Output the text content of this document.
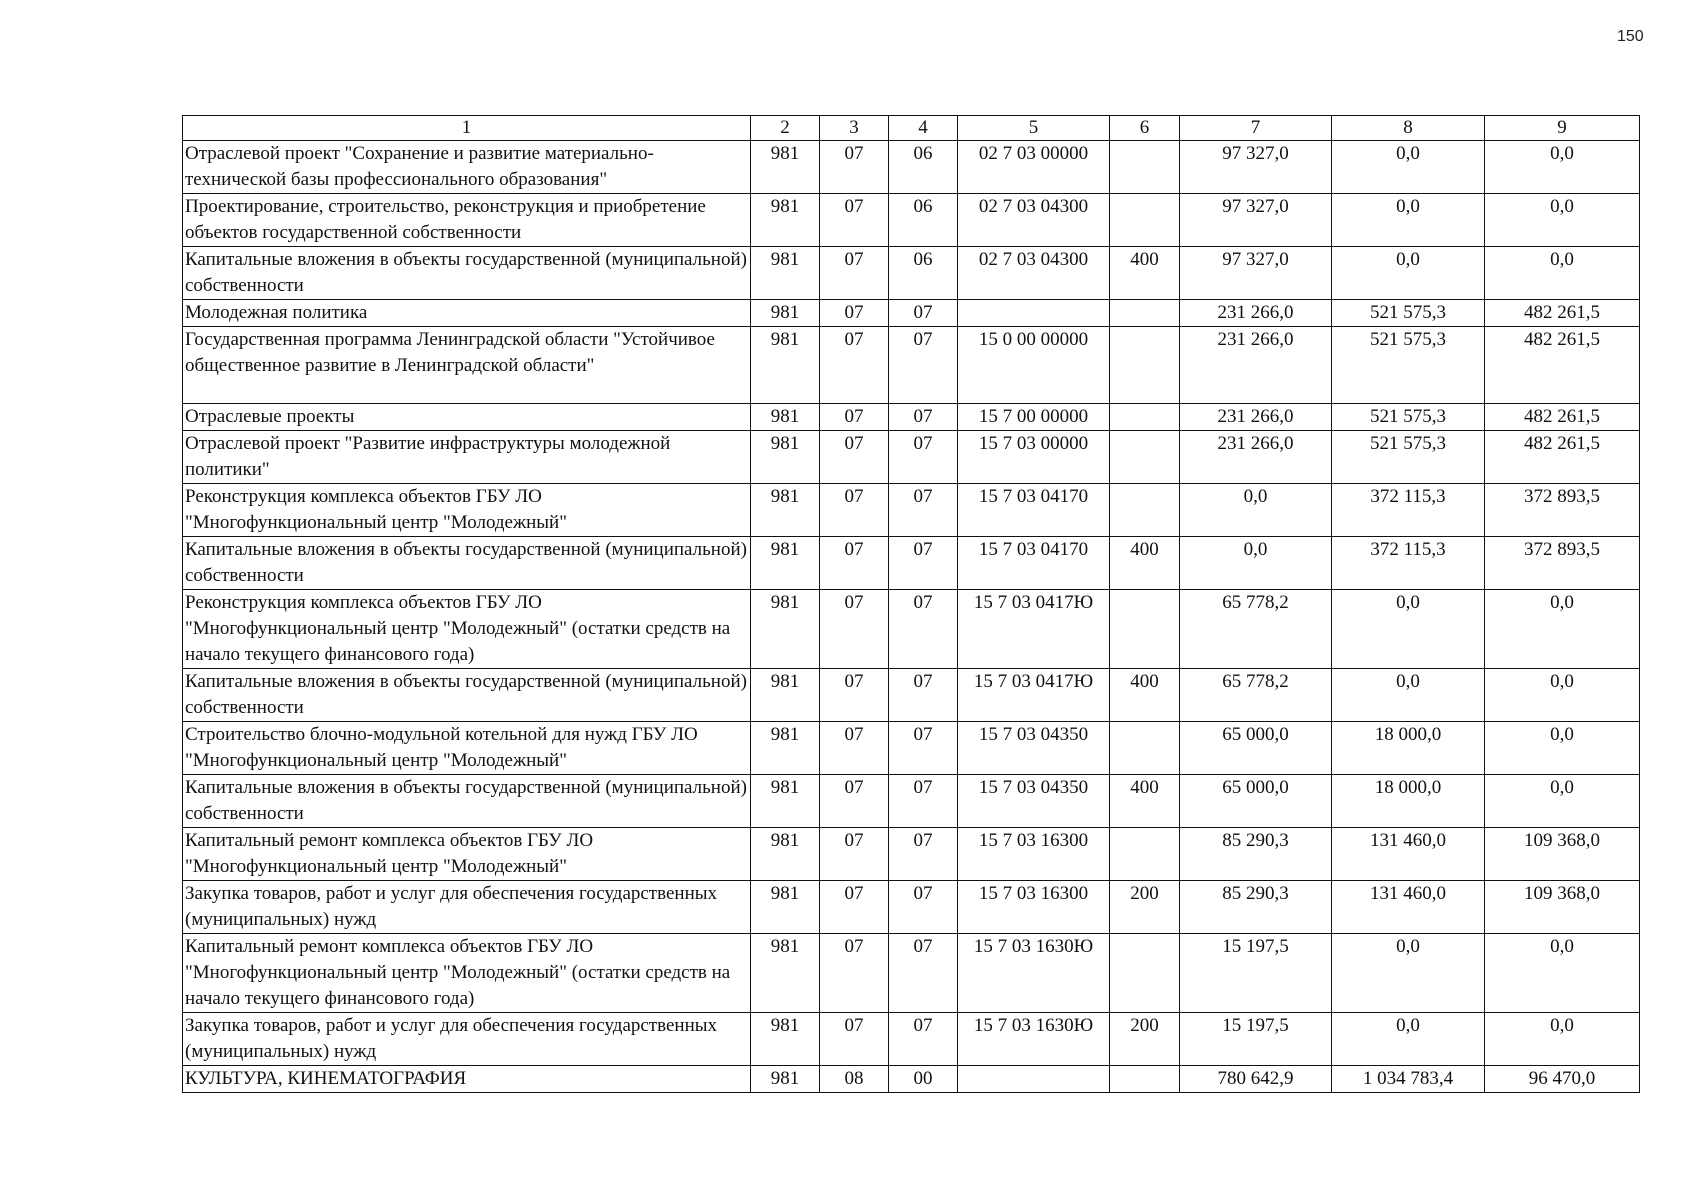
150
1	2	3	4	5	6	7	8	9
Отраслевой проект "Сохранение и развитие материально-технической базы профессионального образования"	981	07	06	02 7 03 00000		97 327,0	0,0	0,0
Проектирование, строительство, реконструкция и приобретение объектов государственной собственности	981	07	06	02 7 03 04300		97 327,0	0,0	0,0
Капитальные вложения в объекты государственной (муниципальной) собственности	981	07	06	02 7 03 04300	400	97 327,0	0,0	0,0
Молодежная политика	981	07	07			231 266,0	521 575,3	482 261,5
Государственная программа Ленинградской области "Устойчивое общественное развитие в Ленинградской области"	981	07	07	15 0 00 00000		231 266,0	521 575,3	482 261,5
Отраслевые проекты	981	07	07	15 7 00 00000		231 266,0	521 575,3	482 261,5
Отраслевой проект "Развитие инфраструктуры молодежной политики"	981	07	07	15 7 03 00000		231 266,0	521 575,3	482 261,5
Реконструкция комплекса объектов ГБУ ЛО "Многофункциональный центр "Молодежный"	981	07	07	15 7 03 04170		0,0	372 115,3	372 893,5
Капитальные вложения в объекты государственной (муниципальной) собственности	981	07	07	15 7 03 04170	400	0,0	372 115,3	372 893,5
Реконструкция комплекса объектов ГБУ ЛО "Многофункциональный центр "Молодежный" (остатки средств на начало текущего финансового года)	981	07	07	15 7 03 0417Ю		65 778,2	0,0	0,0
Капитальные вложения в объекты государственной (муниципальной) собственности	981	07	07	15 7 03 0417Ю	400	65 778,2	0,0	0,0
Строительство блочно-модульной котельной для нужд ГБУ ЛО "Многофункциональный центр "Молодежный"	981	07	07	15 7 03 04350		65 000,0	18 000,0	0,0
Капитальные вложения в объекты государственной (муниципальной) собственности	981	07	07	15 7 03 04350	400	65 000,0	18 000,0	0,0
Капитальный ремонт комплекса объектов ГБУ ЛО "Многофункциональный центр "Молодежный"	981	07	07	15 7 03 16300		85 290,3	131 460,0	109 368,0
Закупка товаров, работ и услуг для обеспечения государственных (муниципальных) нужд	981	07	07	15 7 03 16300	200	85 290,3	131 460,0	109 368,0
Капитальный ремонт комплекса объектов ГБУ ЛО "Многофункциональный центр "Молодежный" (остатки средств на начало текущего финансового года)	981	07	07	15 7 03 1630Ю		15 197,5	0,0	0,0
Закупка товаров, работ и услуг для обеспечения государственных (муниципальных) нужд	981	07	07	15 7 03 1630Ю	200	15 197,5	0,0	0,0
КУЛЬТУРА, КИНЕМАТОГРАФИЯ	981	08	00			780 642,9	1 034 783,4	96 470,0
